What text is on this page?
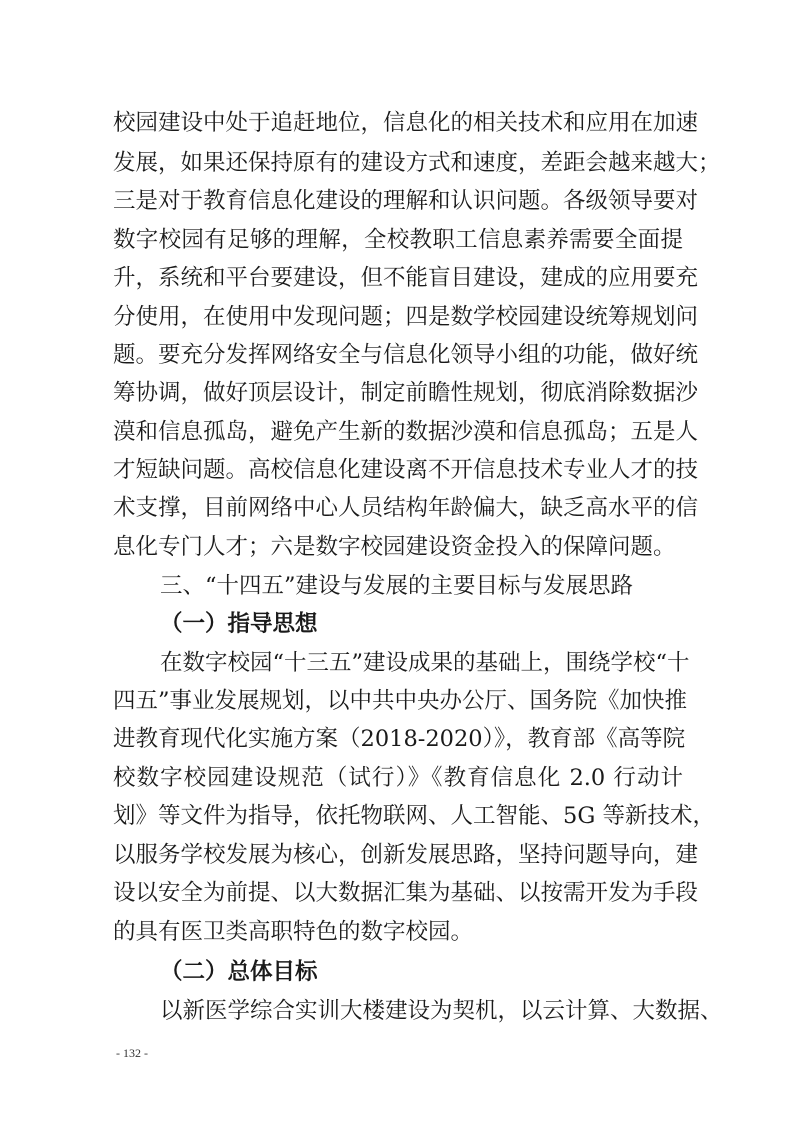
校园建设中处于追赶地位，信息化的相关技术和应用在加速
发展，如果还保持原有的建设方式和速度，差距会越来越大；
三是对于教育信息化建设的理解和认识问题。各级领导要对
数字校园有足够的理解，全校教职工信息素养需要全面提
升，系统和平台要建设，但不能盲目建设，建成的应用要充
分使用，在使用中发现问题；四是数学校园建设统筹规划问
题。要充分发挥网络安全与信息化领导小组的功能，做好统
筹协调，做好顶层设计，制定前瞻性规划，彻底消除数据沙
漠和信息孤岛，避免产生新的数据沙漠和信息孤岛；五是人
才短缺问题。高校信息化建设离不开信息技术专业人才的技
术支撑，目前网络中心人员结构年龄偏大，缺乏高水平的信
息化专门人才；六是数字校园建设资金投入的保障问题。
三、“十四五”建设与发展的主要目标与发展思路
（一）指导思想
在数字校园“十三五”建设成果的基础上，围绕学校“十
四五”事业发展规划，以中共中央办公厅、国务院《加快推
进教育现代化实施方案（2018-2020）》，教育部《高等院
校数字校园建设规范（试行）》《教育信息化 2.0 行动计
划》等文件为指导，依托物联网、人工智能、5G 等新技术，
以服务学校发展为核心，创新发展思路，坚持问题导向，建
设以安全为前提、以大数据汇集为基础、以按需开发为手段
的具有医卫类高职特色的数字校园。
（二）总体目标
以新医学综合实训大楼建设为契机，以云计算、大数据、
- 132 -
